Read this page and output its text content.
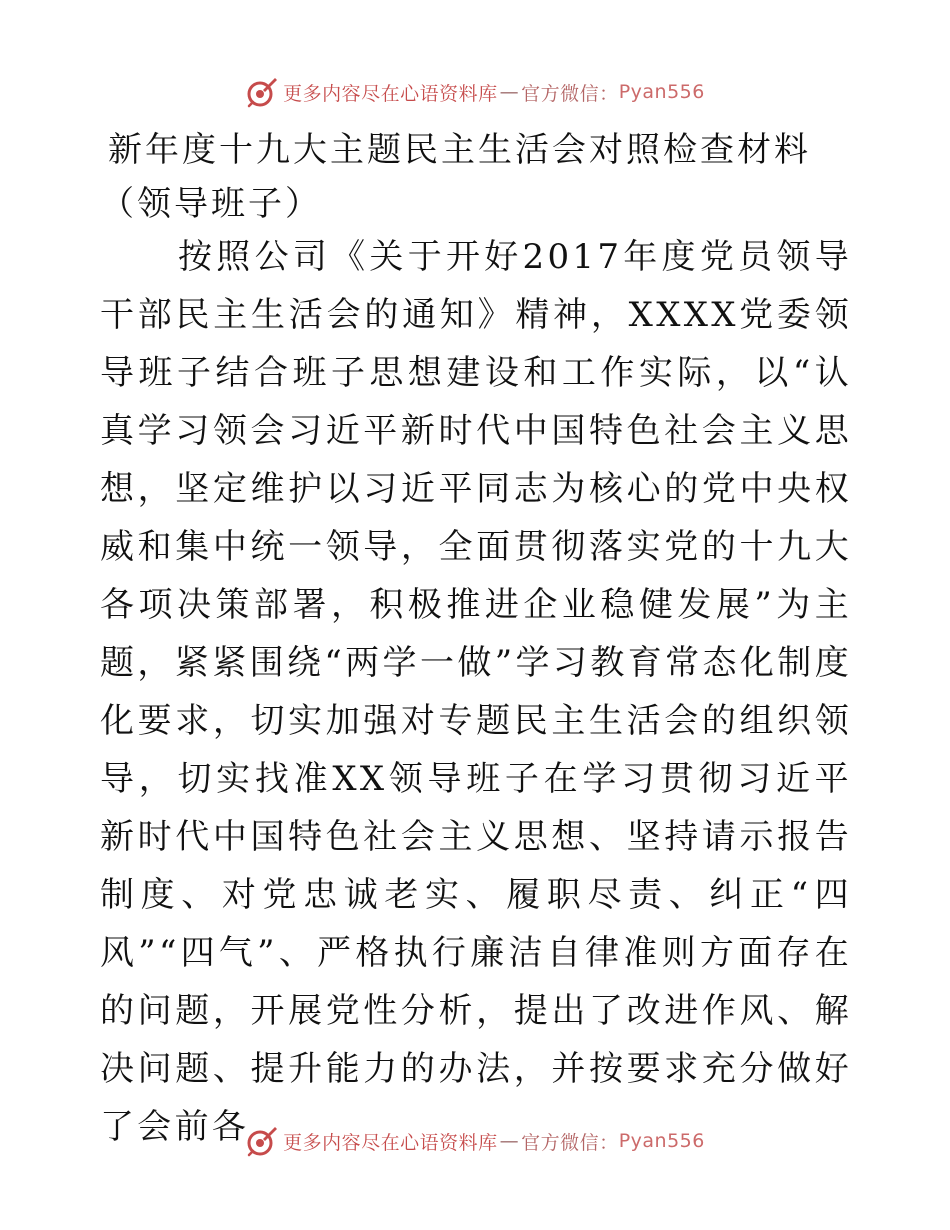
更多内容尽在心语资料库 — 官方微信： Pyan556
新年度十九大主题民主生活会对照检查材料（领导班子）

按照公司《关于开好2017年度党员领导干部民主生活会的通知》精神，XXXX党委领导班子结合班子思想建设和工作实际，以“认真学习领会习近平新时代中国特色社会主义思想，坚定维护以习近平同志为核心的党中央权威和集中统一领导，全面贯彻落实党的十九大各项决策部署，积极推进企业稳健发展”为主题，紧紧围绕“两学一做”学习教育常态化制度化要求，切实加强对专题民主生活会的组织领导，切实找准XX领导班子在学习贯彻习近平新时代中国特色社会主义思想、坚持请示报告制度、对党忠诚老实、履职尽责、纠正“四风”“四气”、严格执行廉洁自律准则方面存在的问题，开展党性分析，提出了改进作风、解决问题、提升能力的办法，并按要求充分做好了会前各	更多内容尽在心语资料库 — 官方微信： Pyan556
